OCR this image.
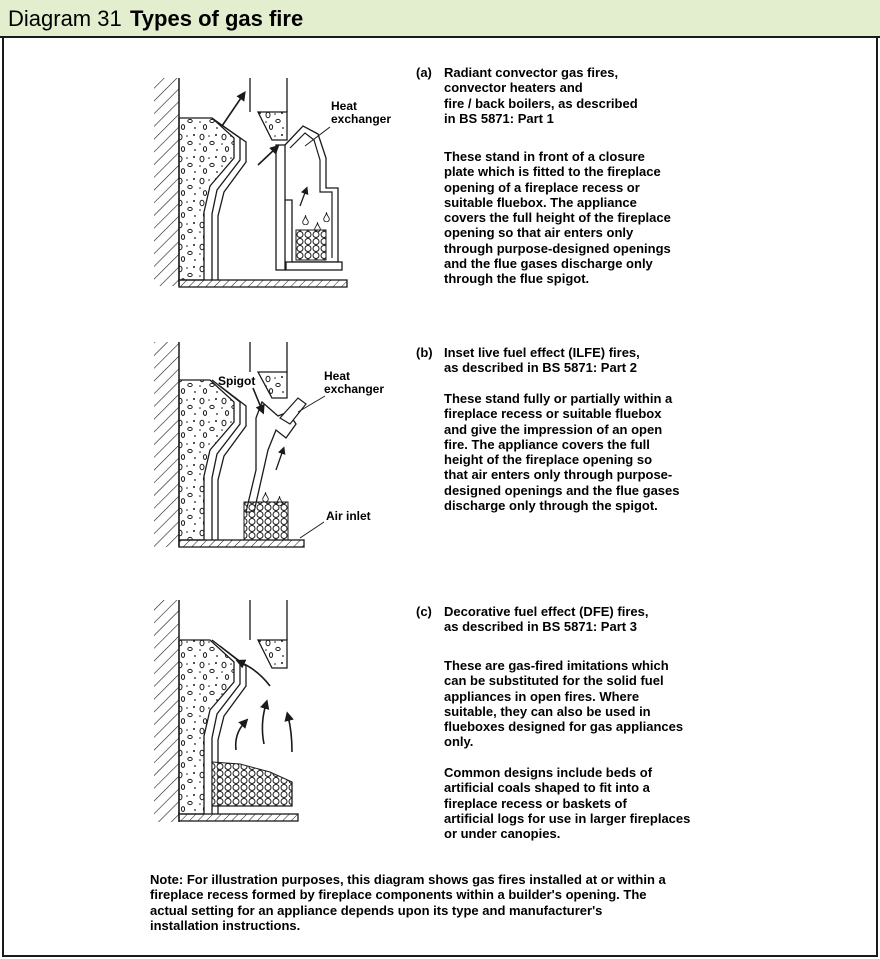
Diagram 31 Types of gas fire
Heat
exchanger
Spigot	Heat
exchanger
Air inlet
(a) Radiant convector gas fires,
convector heaters and
fire / back boilers, as described
in BS 5871: Part 1
These stand in front of a closure
plate which is fitted to the fireplace
opening of a fireplace recess or
suitable fluebox. The appliance
covers the full height of the fireplace
opening so that air enters only
through purpose-designed openings
and the flue gases discharge only
through the flue spigot.
(b) Inset live fuel effect (ILFE) fires,
as described in BS 5871: Part 2
These stand fully or partially within a
fireplace recess or suitable fluebox
and give the impression of an open
fire. The appliance covers the full
height of the fireplace opening so
that air enters only through purpose-
designed openings and the flue gases
discharge only through the spigot.
(c) Decorative fuel effect (DFE) fires,
as described in BS 5871: Part 3
These are gas-fired imitations which
can be substituted for the solid fuel
appliances in open fires. Where
suitable, they can also be used in
flueboxes designed for gas appliances
only.

Common designs include beds of
artificial coals shaped to fit into a
fireplace recess or baskets of
artificial logs for use in larger fireplaces
or under canopies.
Note: For illustration purposes, this diagram shows gas fires installed at or within a
fireplace recess formed by fireplace components within a builder's opening. The
actual setting for an appliance depends upon its type and manufacturer's
installation instructions.
